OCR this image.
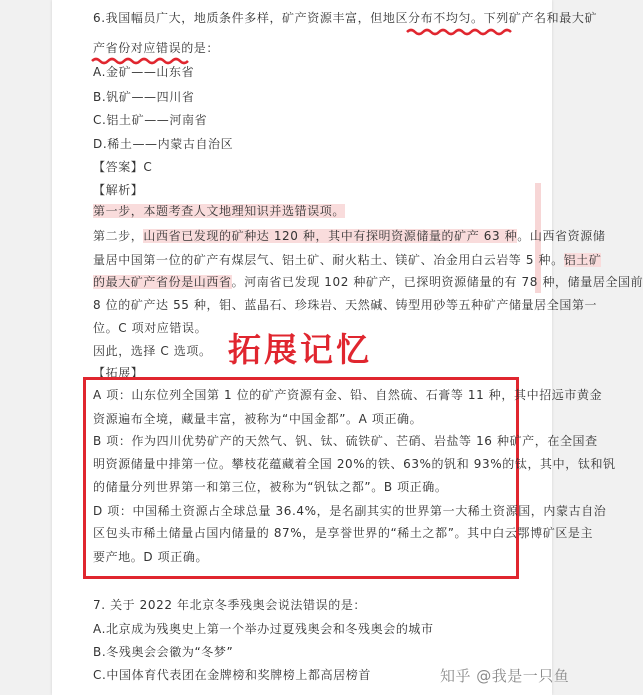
6.我国幅员广大，地质条件多样，矿产资源丰富，但地区分布不均匀。下列矿产名和最大矿
产省份对应错误的是：
A.金矿——山东省
B.钒矿——四川省
C.铝土矿——河南省
D.稀土——内蒙古自治区
【答案】C
【解析】
第一步，本题考查人文地理知识并选错误项。
第二步，山西省已发现的矿种达 120 种，其中有探明资源储量的矿产 63 种。山西省资源储
量居中国第一位的矿产有煤层气、铝土矿、耐火粘土、镁矿、冶金用白云岩等 5 种。铝土矿
的最大矿产省份是山西省。河南省已发现 102 种矿产，已探明资源储量的有 78 种，储量居全国前
8 位的矿产达 55 种，钼、蓝晶石、珍珠岩、天然碱、铸型用砂等五种矿产储量居全国第一
位。C 项对应错误。
因此，选择 C 选项。 拓展记忆
【拓展】
A 项：山东位列全国第 1 位的矿产资源有金、铅、自然硫、石膏等 11 种，其中招远市黄金
资源遍布全境，藏量丰富，被称为“中国金都”。A 项正确。
B 项：作为四川优势矿产的天然气、钒、钛、硫铁矿、芒硝、岩盐等 16 种矿产，在全国查
明资源储量中排第一位。攀枝花蕴藏着全国 20%的铁、63%的钒和 93%的钛，其中，钛和钒
的储量分列世界第一和第三位，被称为“钒钛之都”。B 项正确。
D 项：中国稀土资源占全球总量 36.4%，是名副其实的世界第一大稀土资源国，内蒙古自治
区包头市稀土储量占国内储量的 87%，是享誉世界的“稀土之都”。其中白云鄂博矿区是主
要产地。D 项正确。
7. 关于 2022 年北京冬季残奥会说法错误的是：
A.北京成为残奥史上第一个举办过夏残奥会和冬残奥会的城市
B.冬残奥会会徽为“冬梦”
C.中国体育代表团在金牌榜和奖牌榜上都高居榜首	知乎 @我是一只鱼
